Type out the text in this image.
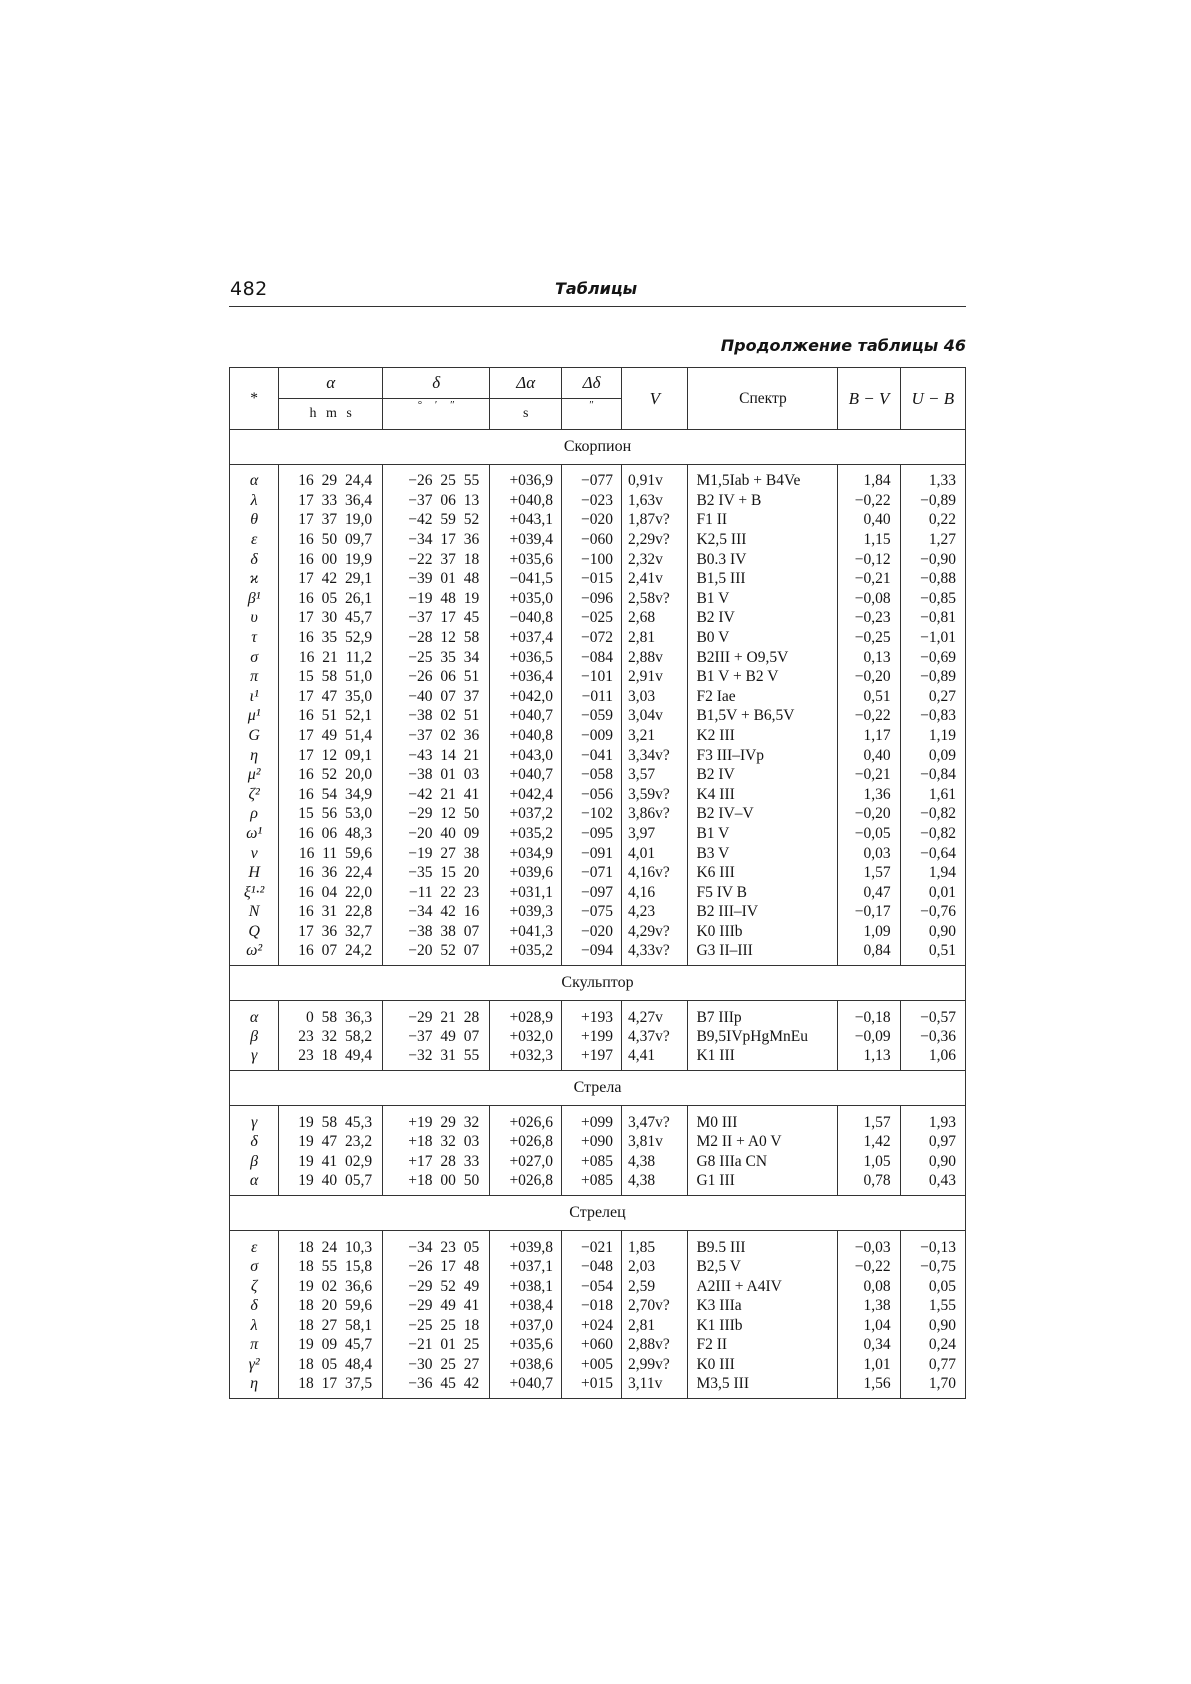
482	Таблицы
Продолжение таблицы 46
*	α	δ	Δα	Δδ	V	Спектр	B − V	U − B
	h m s	° ′ ″	s	″				
Скорпион								

α	16 29 24,4	−26 25 55	+036,9	−077	0,91v	M1,5Iab + B4Ve	1,84	1,33
λ	17 33 36,4	−37 06 13	+040,8	−023	1,63v	B2 IV + B	−0,22	−0,89
θ	17 37 19,0	−42 59 52	+043,1	−020	1,87v?	F1 II	0,40	0,22
ε	16 50 09,7	−34 17 36	+039,4	−060	2,29v?	K2,5 III	1,15	1,27
δ	16 00 19,9	−22 37 18	+035,6	−100	2,32v	B0.3 IV	−0,12	−0,90
ϰ	17 42 29,1	−39 01 48	−041,5	−015	2,41v	B1,5 III	−0,21	−0,88
β¹	16 05 26,1	−19 48 19	+035,0	−096	2,58v?	B1 V	−0,08	−0,85
υ	17 30 45,7	−37 17 45	−040,8	−025	2,68	B2 IV	−0,23	−0,81
τ	16 35 52,9	−28 12 58	+037,4	−072	2,81	B0 V	−0,25	−1,01
σ	16 21 11,2	−25 35 34	+036,5	−084	2,88v	B2III + O9,5V	0,13	−0,69
π	15 58 51,0	−26 06 51	+036,4	−101	2,91v	B1 V + B2 V	−0,20	−0,89
ι¹	17 47 35,0	−40 07 37	+042,0	−011	3,03	F2 Iae	0,51	0,27
μ¹	16 51 52,1	−38 02 51	+040,7	−059	3,04v	B1,5V + B6,5V	−0,22	−0,83
G	17 49 51,4	−37 02 36	+040,8	−009	3,21	K2 III	1,17	1,19
η	17 12 09,1	−43 14 21	+043,0	−041	3,34v?	F3 III–IVp	0,40	0,09
μ²	16 52 20,0	−38 01 03	+040,7	−058	3,57	B2 IV	−0,21	−0,84
ζ²	16 54 34,9	−42 21 41	+042,4	−056	3,59v?	K4 III	1,36	1,61
ρ	15 56 53,0	−29 12 50	+037,2	−102	3,86v?	B2 IV–V	−0,20	−0,82
ω¹	16 06 48,3	−20 40 09	+035,2	−095	3,97	B1 V	−0,05	−0,82
ν	16 11 59,6	−19 27 38	+034,9	−091	4,01	B3 V	0,03	−0,64
H	16 36 22,4	−35 15 20	+039,6	−071	4,16v?	K6 III	1,57	1,94
ξ¹·²	16 04 22,0	−11 22 23	+031,1	−097	4,16	F5 IV B	0,47	0,01
N	16 31 22,8	−34 42 16	+039,3	−075	4,23	B2 III–IV	−0,17	−0,76
Q	17 36 32,7	−38 38 07	+041,3	−020	4,29v?	K0 IIIb	1,09	0,90
ω²	16 07 24,2	−20 52 07	+035,2	−094	4,33v?	G3 II–III	0,84	0,51
Скульптор								

α	0 58 36,3	−29 21 28	+028,9	+193	4,27v	B7 IIIp	−0,18	−0,57
β	23 32 58,2	−37 49 07	+032,0	+199	4,37v?	B9,5IVpHgMnEu	−0,09	−0,36
γ	23 18 49,4	−32 31 55	+032,3	+197	4,41	K1 III	1,13	1,06
Стрела								

γ	19 58 45,3	+19 29 32	+026,6	+099	3,47v?	M0 III	1,57	1,93
δ	19 47 23,2	+18 32 03	+026,8	+090	3,81v	M2 II + A0 V	1,42	0,97
β	19 41 02,9	+17 28 33	+027,0	+085	4,38	G8 IIIa CN	1,05	0,90
α	19 40 05,7	+18 00 50	+026,8	+085	4,38	G1 III	0,78	0,43
Стрелец								

ε	18 24 10,3	−34 23 05	+039,8	−021	1,85	B9.5 III	−0,03	−0,13
σ	18 55 15,8	−26 17 48	+037,1	−048	2,03	B2,5 V	−0,22	−0,75
ζ	19 02 36,6	−29 52 49	+038,1	−054	2,59	A2III + A4IV	0,08	0,05
δ	18 20 59,6	−29 49 41	+038,4	−018	2,70v?	K3 IIIa	1,38	1,55
λ	18 27 58,1	−25 25 18	+037,0	+024	2,81	K1 IIIb	1,04	0,90
π	19 09 45,7	−21 01 25	+035,6	+060	2,88v?	F2 II	0,34	0,24
γ²	18 05 48,4	−30 25 27	+038,6	+005	2,99v?	K0 III	1,01	0,77
η	18 17 37,5	−36 45 42	+040,7	+015	3,11v	M3,5 III	1,56	1,70
